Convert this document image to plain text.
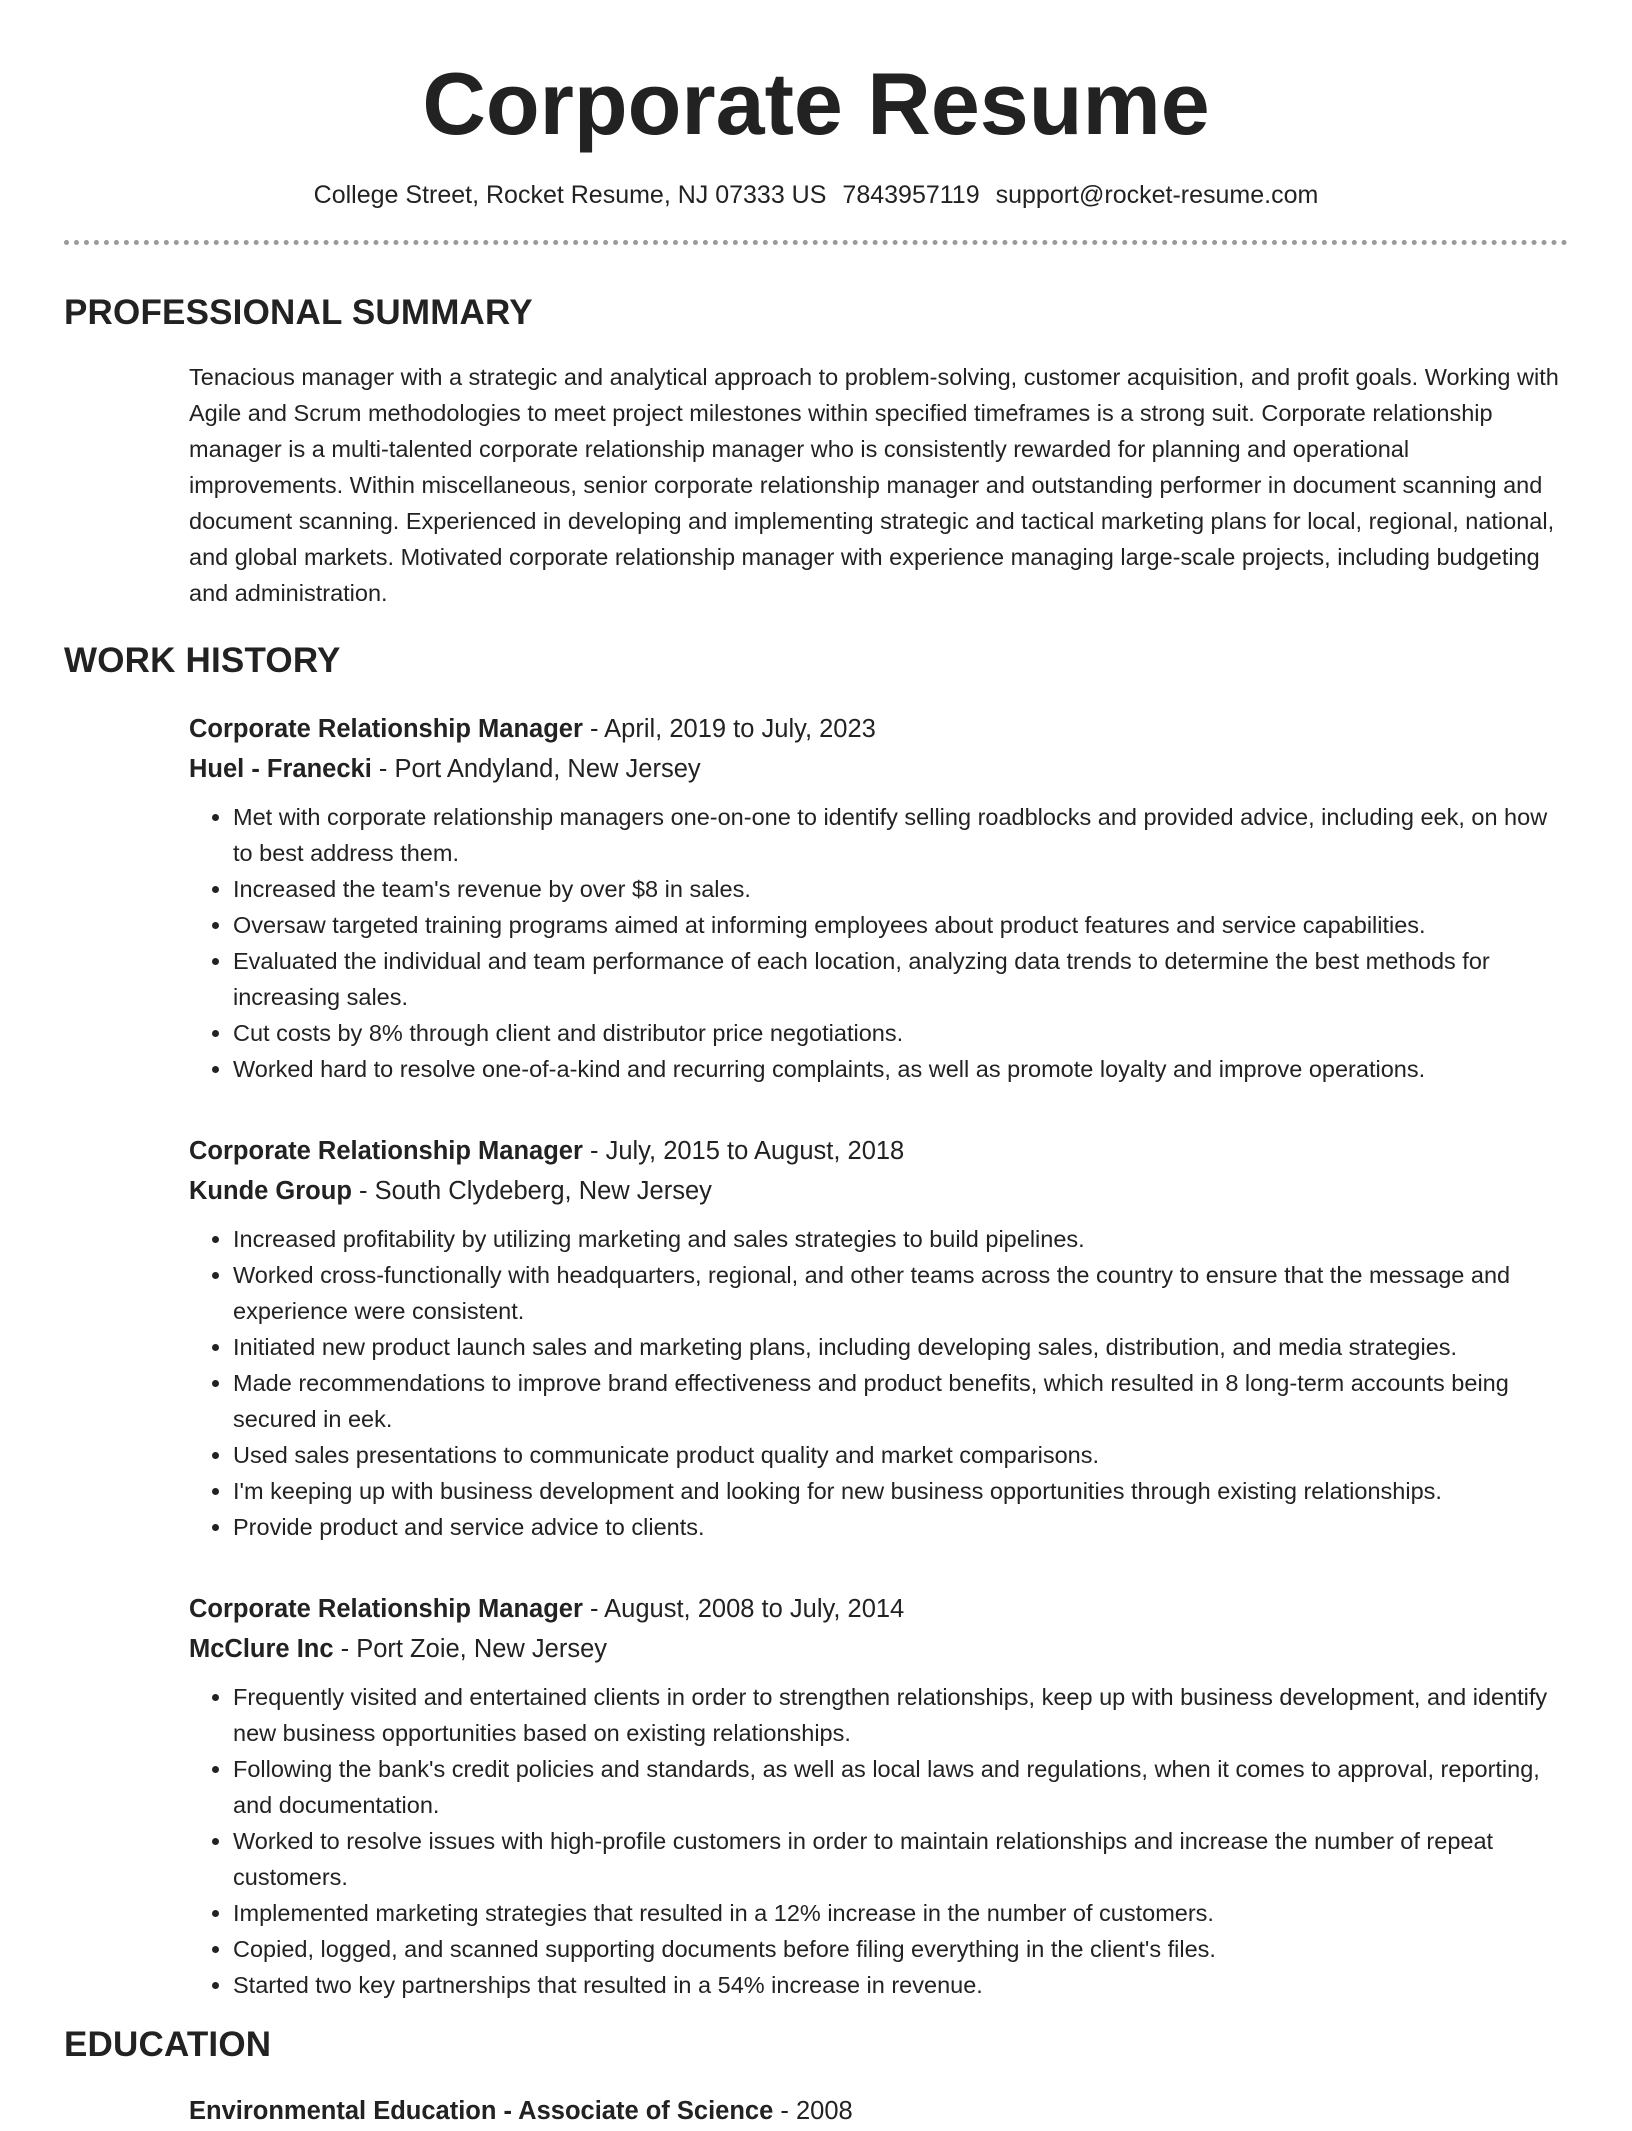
Corporate Resume
College Street, Rocket Resume, NJ 07333 US 7843957119 support@rocket-resume.com
PROFESSIONAL SUMMARY

Tenacious manager with a strategic and analytical approach to problem-solving, customer acquisition, and profit goals. Working with Agile and Scrum methodologies to meet project milestones within specified timeframes is a strong suit. Corporate relationship manager is a multi-talented corporate relationship manager who is consistently rewarded for planning and operational improvements. Within miscellaneous, senior corporate relationship manager and outstanding performer in document scanning and document scanning. Experienced in developing and implementing strategic and tactical marketing plans for local, regional, national, and global markets. Motivated corporate relationship manager with experience managing large-scale projects, including budgeting and administration.

WORK HISTORY
Corporate Relationship Manager - April, 2019 to July, 2023
Huel - Franecki - Port Andyland, New Jersey
• Met with corporate relationship managers one-on-one to identify selling roadblocks and provided advice, including eek, on how to best address them.
• Increased the team's revenue by over $8 in sales.
• Oversaw targeted training programs aimed at informing employees about product features and service capabilities.
• Evaluated the individual and team performance of each location, analyzing data trends to determine the best methods for increasing sales.
• Cut costs by 8% through client and distributor price negotiations.
• Worked hard to resolve one-of-a-kind and recurring complaints, as well as promote loyalty and improve operations.
Corporate Relationship Manager - July, 2015 to August, 2018
Kunde Group - South Clydeberg, New Jersey
• Increased profitability by utilizing marketing and sales strategies to build pipelines.
• Worked cross-functionally with headquarters, regional, and other teams across the country to ensure that the message and experience were consistent.
• Initiated new product launch sales and marketing plans, including developing sales, distribution, and media strategies.
• Made recommendations to improve brand effectiveness and product benefits, which resulted in 8 long-term accounts being secured in eek.
• Used sales presentations to communicate product quality and market comparisons.
• I'm keeping up with business development and looking for new business opportunities through existing relationships.
• Provide product and service advice to clients.
Corporate Relationship Manager - August, 2008 to July, 2014
McClure Inc - Port Zoie, New Jersey
• Frequently visited and entertained clients in order to strengthen relationships, keep up with business development, and identify new business opportunities based on existing relationships.
• Following the bank's credit policies and standards, as well as local laws and regulations, when it comes to approval, reporting, and documentation.
• Worked to resolve issues with high-profile customers in order to maintain relationships and increase the number of repeat customers.
• Implemented marketing strategies that resulted in a 12% increase in the number of customers.
• Copied, logged, and scanned supporting documents before filing everything in the client's files.
• Started two key partnerships that resulted in a 54% increase in revenue.
EDUCATION
Environmental Education - Associate of Science - 2008
